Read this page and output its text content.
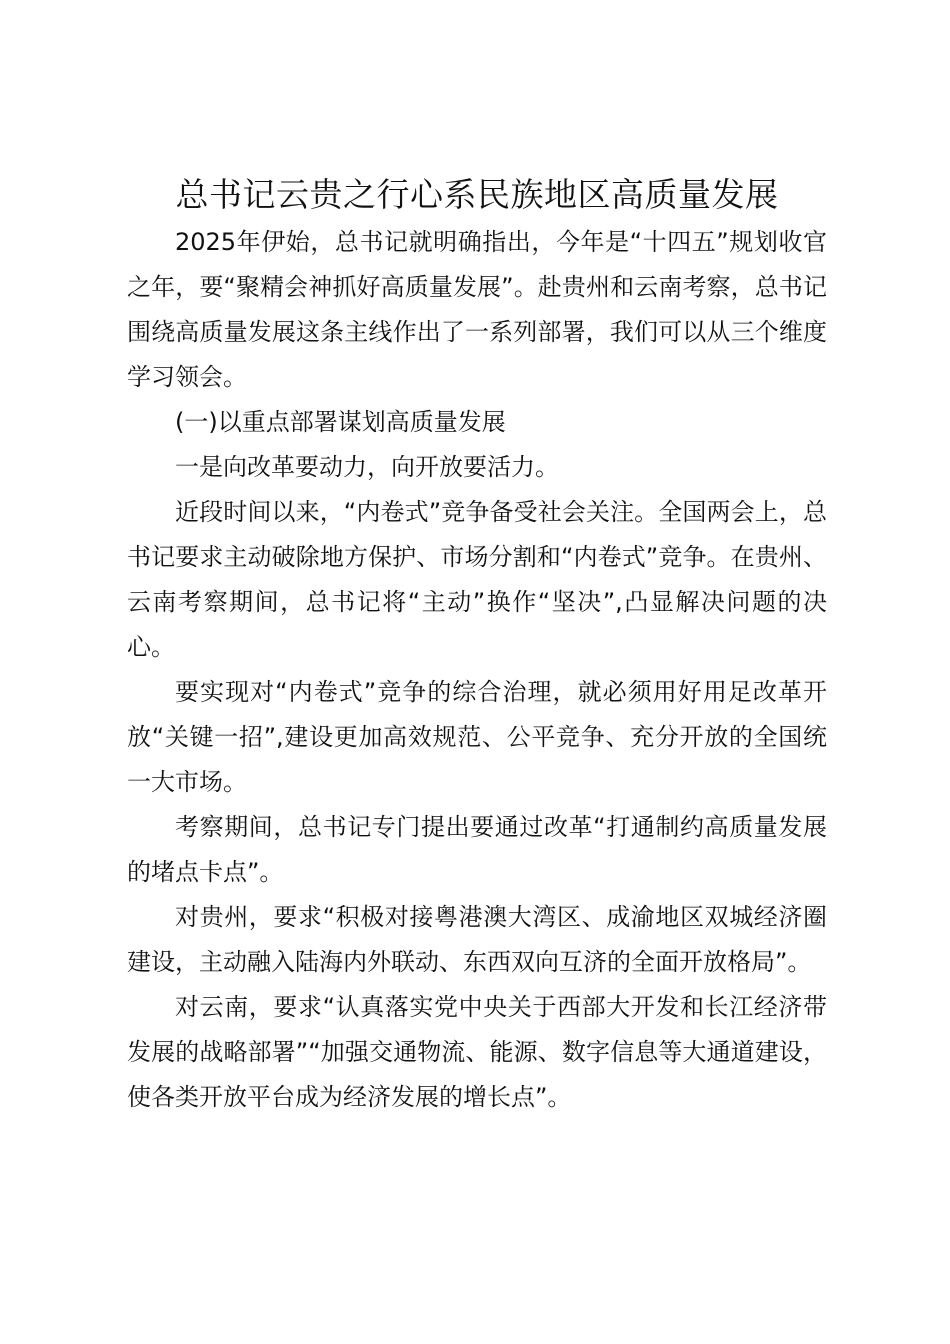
总书记云贵之行心系民族地区高质量发展

2025年伊始，总书记就明确指出，今年是“十四五”规划收官之年，要“聚精会神抓好高质量发展”。赴贵州和云南考察，总书记围绕高质量发展这条主线作出了一系列部署，我们可以从三个维度学习领会。

(一)以重点部署谋划高质量发展

一是向改革要动力，向开放要活力。

近段时间以来，“内卷式”竞争备受社会关注。全国两会上，总书记要求主动破除地方保护、市场分割和“内卷式”竞争。在贵州、云南考察期间，总书记将“主动”换作“坚决”,凸显解决问题的决心。

要实现对“内卷式”竞争的综合治理，就必须用好用足改革开放“关键一招”,建设更加高效规范、公平竞争、充分开放的全国统一大市场。

考察期间，总书记专门提出要通过改革“打通制约高质量发展的堵点卡点”。

对贵州，要求“积极对接粤港澳大湾区、成渝地区双城经济圈建设，主动融入陆海内外联动、东西双向互济的全面开放格局”。

对云南，要求“认真落实党中央关于西部大开发和长江经济带发展的战略部署”“加强交通物流、能源、数字信息等大通道建设，使各类开放平台成为经济发展的增长点”。
